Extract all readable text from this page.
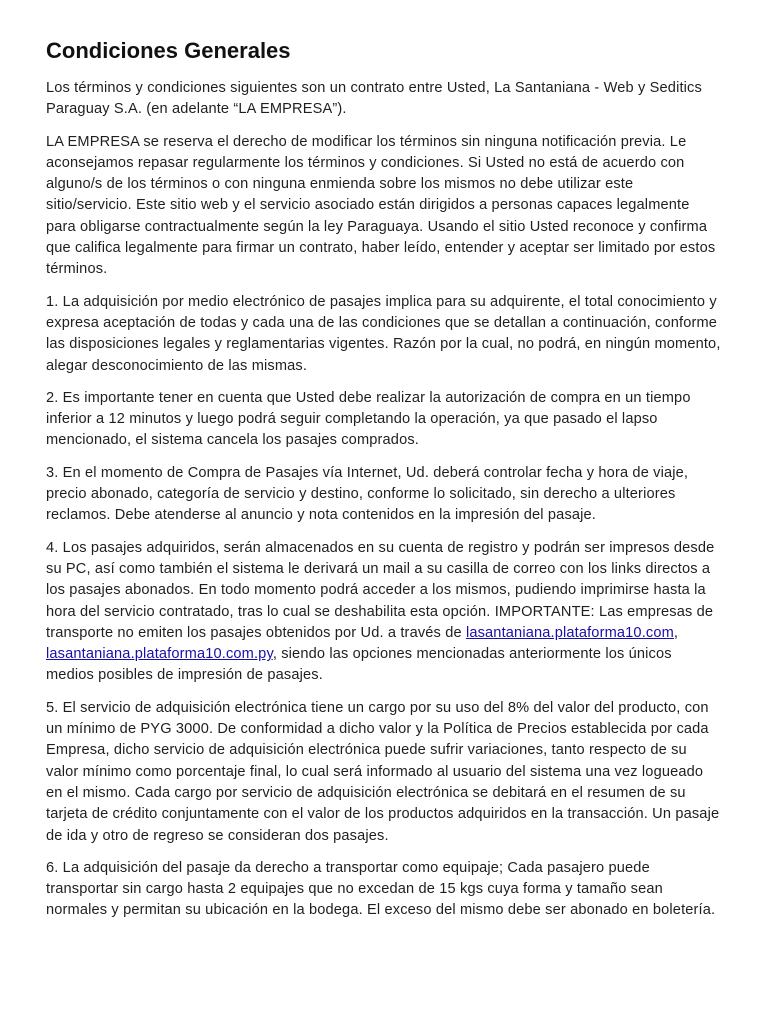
Condiciones Generales

Los términos y condiciones siguientes son un contrato entre Usted, La Santaniana - Web y Seditics Paraguay S.A. (en adelante “LA EMPRESA”).

LA EMPRESA se reserva el derecho de modificar los términos sin ninguna notificación previa. Le aconsejamos repasar regularmente los términos y condiciones. Si Usted no está de acuerdo con alguno/s de los términos o con ninguna enmienda sobre los mismos no debe utilizar este sitio/servicio. Este sitio web y el servicio asociado están dirigidos a personas capaces legalmente para obligarse contractualmente según la ley Paraguaya. Usando el sitio Usted reconoce y confirma que califica legalmente para firmar un contrato, haber leído, entender y aceptar ser limitado por estos términos.

1. La adquisición por medio electrónico de pasajes implica para su adquirente, el total conocimiento y expresa aceptación de todas y cada una de las condiciones que se detallan a continuación, conforme las disposiciones legales y reglamentarias vigentes. Razón por la cual, no podrá, en ningún momento, alegar desconocimiento de las mismas.

2. Es importante tener en cuenta que Usted debe realizar la autorización de compra en un tiempo inferior a 12 minutos y luego podrá seguir completando la operación, ya que pasado el lapso mencionado, el sistema cancela los pasajes comprados.

3. En el momento de Compra de Pasajes vía Internet, Ud. deberá controlar fecha y hora de viaje, precio abonado, categoría de servicio y destino, conforme lo solicitado, sin derecho a ulteriores reclamos. Debe atenderse al anuncio y nota contenidos en la impresión del pasaje.

4. Los pasajes adquiridos, serán almacenados en su cuenta de registro y podrán ser impresos desde su PC, así como también el sistema le derivará un mail a su casilla de correo con los links directos a los pasajes abonados. En todo momento podrá acceder a los mismos, pudiendo imprimirse hasta la hora del servicio contratado, tras lo cual se deshabilita esta opción. IMPORTANTE: Las empresas de transporte no emiten los pasajes obtenidos por Ud. a través de lasantaniana.plataforma10.com, lasantaniana.plataforma10.com.py, siendo las opciones mencionadas anteriormente los únicos medios posibles de impresión de pasajes.

5. El servicio de adquisición electrónica tiene un cargo por su uso del 8% del valor del producto, con un mínimo de PYG 3000. De conformidad a dicho valor y la Política de Precios establecida por cada Empresa, dicho servicio de adquisición electrónica puede sufrir variaciones, tanto respecto de su valor mínimo como porcentaje final, lo cual será informado al usuario del sistema una vez logueado en el mismo. Cada cargo por servicio de adquisición electrónica se debitará en el resumen de su tarjeta de crédito conjuntamente con el valor de los productos adquiridos en la transacción. Un pasaje de ida y otro de regreso se consideran dos pasajes.

6. La adquisición del pasaje da derecho a transportar como equipaje; Cada pasajero puede transportar sin cargo hasta 2 equipajes que no excedan de 15 kgs cuya forma y tamaño sean normales y permitan su ubicación en la bodega. El exceso del mismo debe ser abonado en boletería.
